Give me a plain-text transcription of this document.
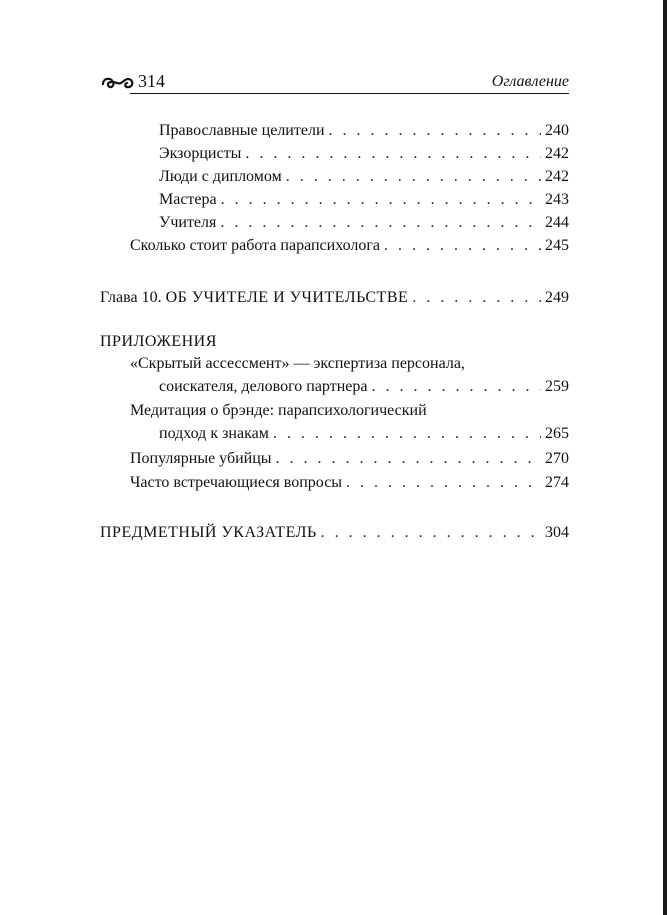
314	Оглавление
Православные целители . . .	240
Экзорцисты . . .	242
Люди с дипломом . . .	242
Мастера . . .	243
Учителя . . .	244
Сколько стоит работа парапсихолога . . .	245
Глава 10. ОБ УЧИТЕЛЕ И УЧИТЕЛЬСТВЕ . . .	249
ПРИЛОЖЕНИЯ
«Скрытый ассессмент» — экспертиза персонала,
соискателя, делового партнера . . .	259
Медитация о брэнде: парапсихологический
подход к знакам . . .	265
Популярные убийцы . . .	270
Часто встречающиеся вопросы . . .	274
ПРЕДМЕТНЫЙ УКАЗАТЕЛЬ . . .	304
